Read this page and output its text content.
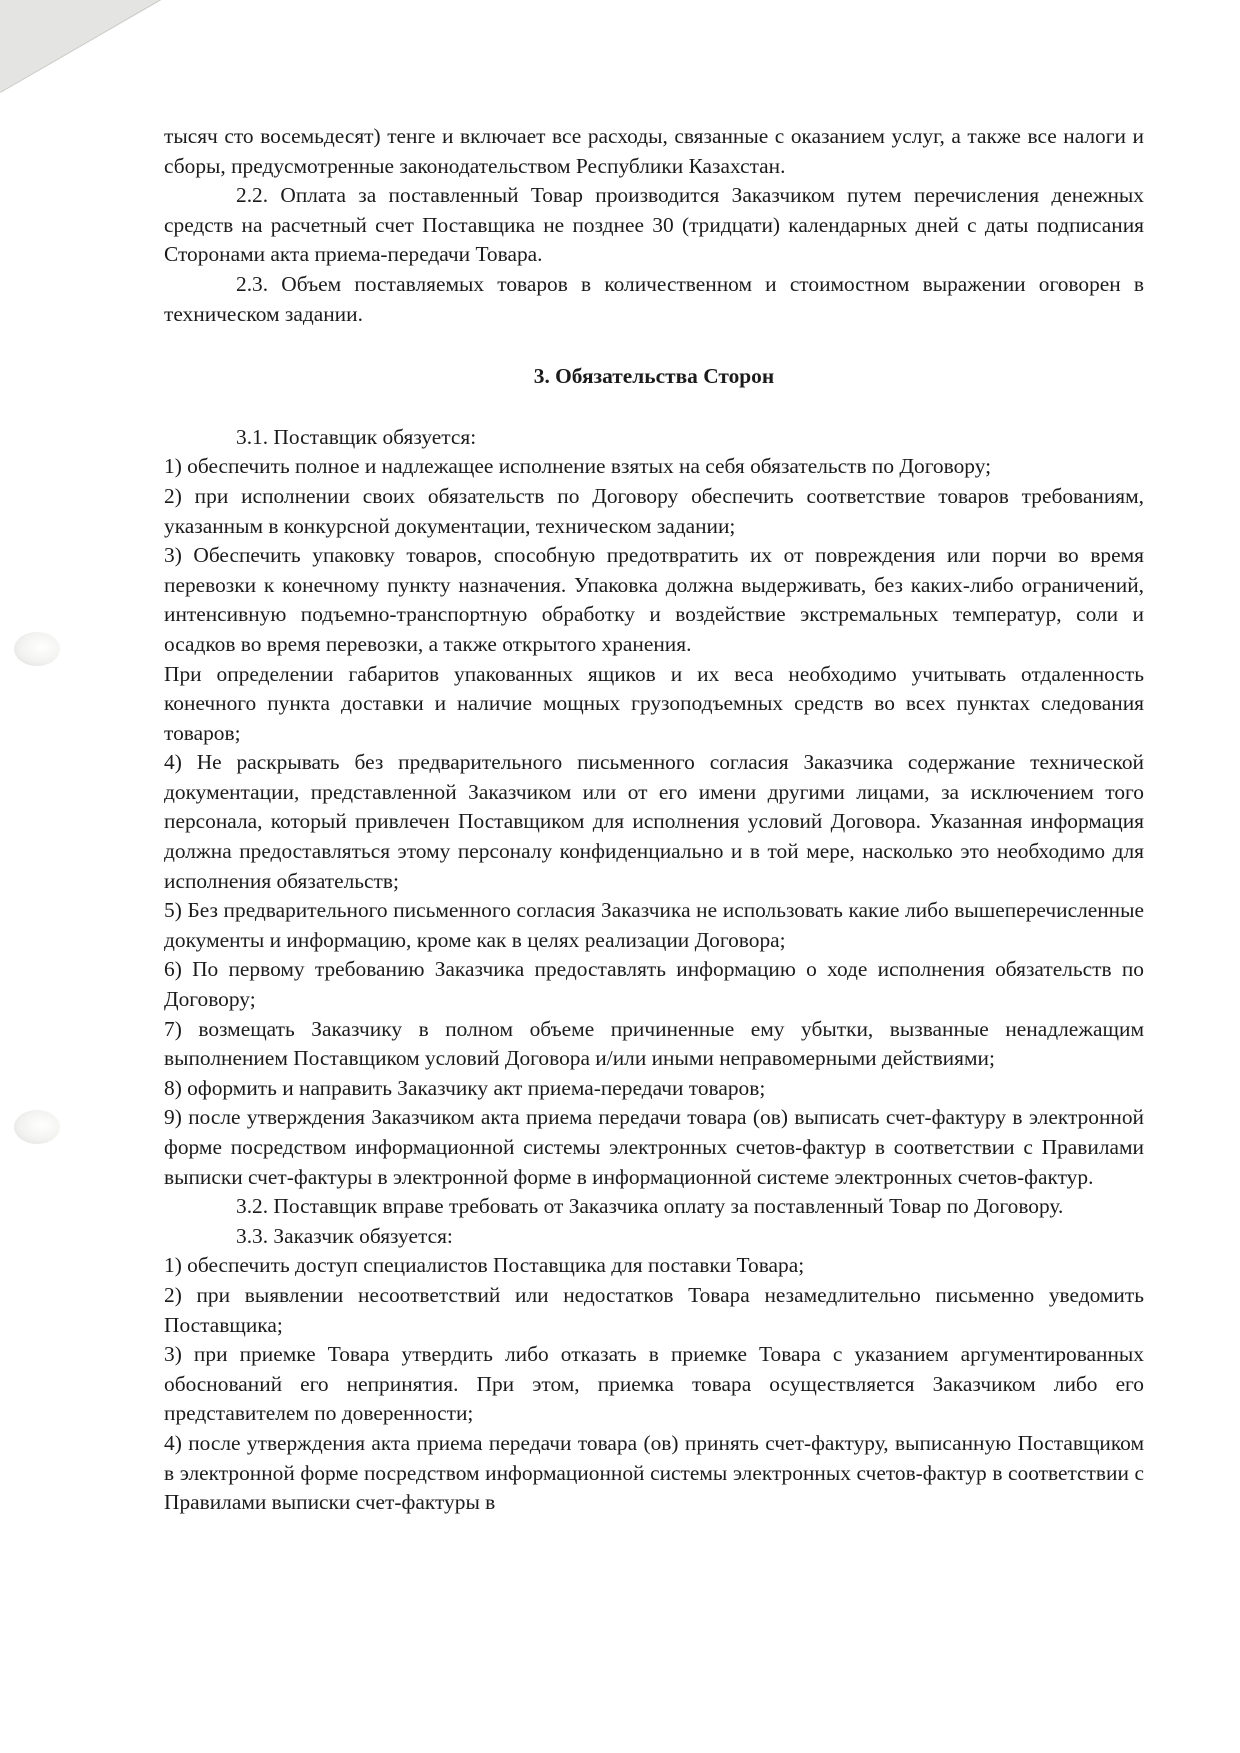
тысяч сто восемьдесят) тенге и включает все расходы, связанные с оказанием услуг, а также все налоги и сборы, предусмотренные законодательством Республики Казахстан.

2.2. Оплата за поставленный Товар производится Заказчиком путем перечисления денежных средств на расчетный счет Поставщика не позднее 30 (тридцати) календарных дней с даты подписания Сторонами акта приема-передачи Товара.

2.3. Объем поставляемых товаров в количественном и стоимостном выражении оговорен в техническом задании.

3. Обязательства Сторон

3.1. Поставщик обязуется:

1) обеспечить полное и надлежащее исполнение взятых на себя обязательств по Договору;

2) при исполнении своих обязательств по Договору обеспечить соответствие товаров требованиям, указанным в конкурсной документации, техническом задании;

3) Обеспечить упаковку товаров, способную предотвратить их от повреждения или порчи во время перевозки к конечному пункту назначения. Упаковка должна выдерживать, без каких-либо ограничений, интенсивную подъемно-транспортную обработку и воздействие экстремальных температур, соли и осадков во время перевозки, а также открытого хранения.

При определении габаритов упакованных ящиков и их веса необходимо учитывать отдаленность конечного пункта доставки и наличие мощных грузоподъемных средств во всех пунктах следования товаров;

4) Не раскрывать без предварительного письменного согласия Заказчика содержание технической документации, представленной Заказчиком или от его имени другими лицами, за исключением того персонала, который привлечен Поставщиком для исполнения условий Договора. Указанная информация должна предоставляться этому персоналу конфиденциально и в той мере, насколько это необходимо для исполнения обязательств;

5) Без предварительного письменного согласия Заказчика не использовать какие либо вышеперечисленные документы и информацию, кроме как в целях реализации Договора;

6) По первому требованию Заказчика предоставлять информацию о ходе исполнения обязательств по Договору;

7) возмещать Заказчику в полном объеме причиненные ему убытки, вызванные ненадлежащим выполнением Поставщиком условий Договора и/или иными неправомерными действиями;

8) оформить и направить Заказчику акт приема-передачи товаров;

9) после утверждения Заказчиком акта приема передачи товара (ов) выписать счет-фактуру в электронной форме посредством информационной системы электронных счетов-фактур в соответствии с Правилами выписки счет-фактуры в электронной форме в информационной системе электронных счетов-фактур.

3.2. Поставщик вправе требовать от Заказчика оплату за поставленный Товар по Договору.

3.3. Заказчик обязуется:

1) обеспечить доступ специалистов Поставщика для поставки Товара;

2) при выявлении несоответствий или недостатков Товара незамедлительно письменно уведомить Поставщика;

3) при приемке Товара утвердить либо отказать в приемке Товара с указанием аргументированных обоснований его непринятия. При этом, приемка товара осуществляется Заказчиком либо его представителем по доверенности;

4) после утверждения акта приема передачи товара (ов) принять счет-фактуру, выписанную Поставщиком в электронной форме посредством информационной системы электронных счетов-фактур в соответствии с Правилами выписки счет-фактуры в
